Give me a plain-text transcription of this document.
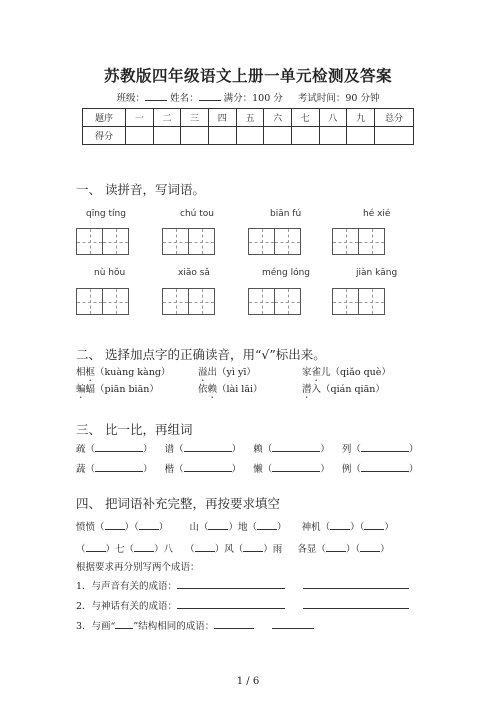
苏教版四年级语文上册一单元检测及答案
班级：	姓名：	满分：100 分 考试时间：90 分钟
题序	一	二	三	四	五	六	七	八	九	总分
得分										
一、 读拼音，写词语。
qīng tíng	chú tou	biān fú	hé xié
nù hǒu	xiāo sǎ	méng lóng	jiàn kāng
二、 选择加点字的正确读音，用“√”标出来。
相框（kuàng kàng）	溢出（yì yī）	家雀儿（qiǎo què）
蝙蝠（piān biān）	依赖（lài lāi）	潜入（qián qiān）
三、 比一比，再组词
疏（	）    谱（	）    赖（	）    列（	）
蔬（	）    楷（	）    懒（	）    例（	）
四、 把词语补充完整，再按要求填空
愤愤（ ）（ ）       山（ ）地（ ）     神机（ ）（ ）
（ ）七（ ）八    （ ）风（ ）雨 各显（ ）（ ）
根据要求再分别写两个成语：
1．与声音有关的成语：
2．与神话有关的成语：
3．与画“ ”结构相同的成语：
1 / 6
